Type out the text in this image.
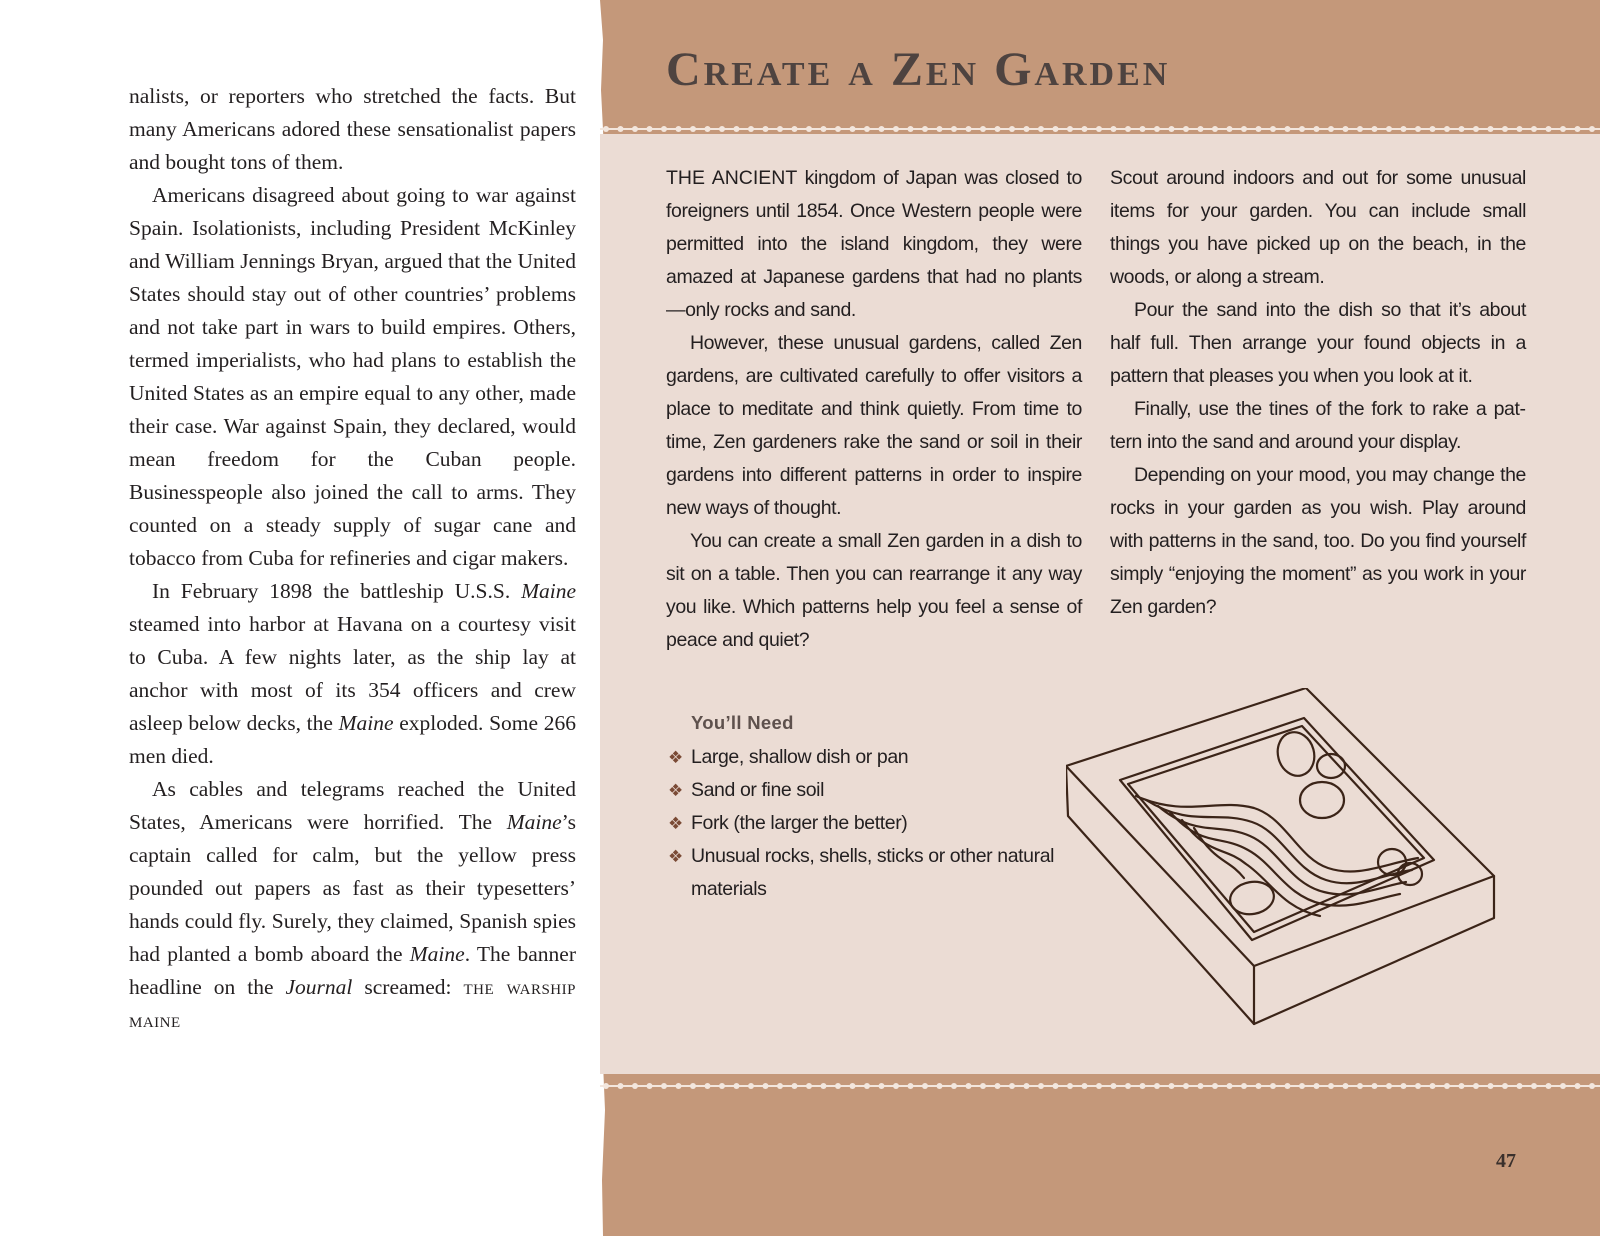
nalists, or reporters who stretched the facts. But many Americans adored these sensationalist papers and bought tons of them.

Americans disagreed about going to war against Spain. Isolationists, including President McKinley and William Jennings Bryan, argued that the United States should stay out of other countries’ problems and not take part in wars to build empires. Others, termed imperialists, who had plans to establish the United States as an empire equal to any other, made their case. War against Spain, they declared, would mean freedom for the Cuban people. Businesspeople also joined the call to arms. They counted on a steady supply of sugar cane and tobacco from Cuba for refineries and cigar makers.

In February 1898 the battleship U.S.S. Maine steamed into harbor at Havana on a courtesy visit to Cuba. A few nights later, as the ship lay at anchor with most of its 354 officers and crew asleep below decks, the Maine exploded. Some 266 men died.

As cables and telegrams reached the United States, Americans were horrified. The Maine’s captain called for calm, but the yellow press pounded out papers as fast as their typesetters’ hands could fly. Surely, they claimed, Spanish spies had planted a bomb aboard the Maine. The banner headline on the Journal screamed: the warship maine

Create a Zen Garden

THE ANCIENT kingdom of Japan was closed to foreigners until 1854. Once Western people were permitted into the island kingdom, they were amazed at Japanese gardens that had no plants—only rocks and sand.

However, these unusual gardens, called Zen gardens, are cultivated carefully to offer visitors a place to meditate and think quietly. From time to time, Zen gardeners rake the sand or soil in their gardens into different patterns in order to inspire new ways of thought.

You can create a small Zen garden in a dish to sit on a table. Then you can rearrange it any way you like. Which patterns help you feel a sense of peace and quiet?

Scout around indoors and out for some unusual items for your garden. You can include small things you have picked up on the beach, in the woods, or along a stream.

Pour the sand into the dish so that it’s about half full. Then arrange your found objects in a pattern that pleases you when you look at it.

Finally, use the tines of the fork to rake a pattern into the sand and around your display.

Depending on your mood, you may change the rocks in your garden as you wish. Play around with patterns in the sand, too. Do you find yourself simply “enjoying the moment” as you work in your Zen garden?

You’ll Need
❖ Large, shallow dish or pan
❖ Sand or fine soil
❖ Fork (the larger the better)
❖ Unusual rocks, shells, sticks or other natural materials
47
